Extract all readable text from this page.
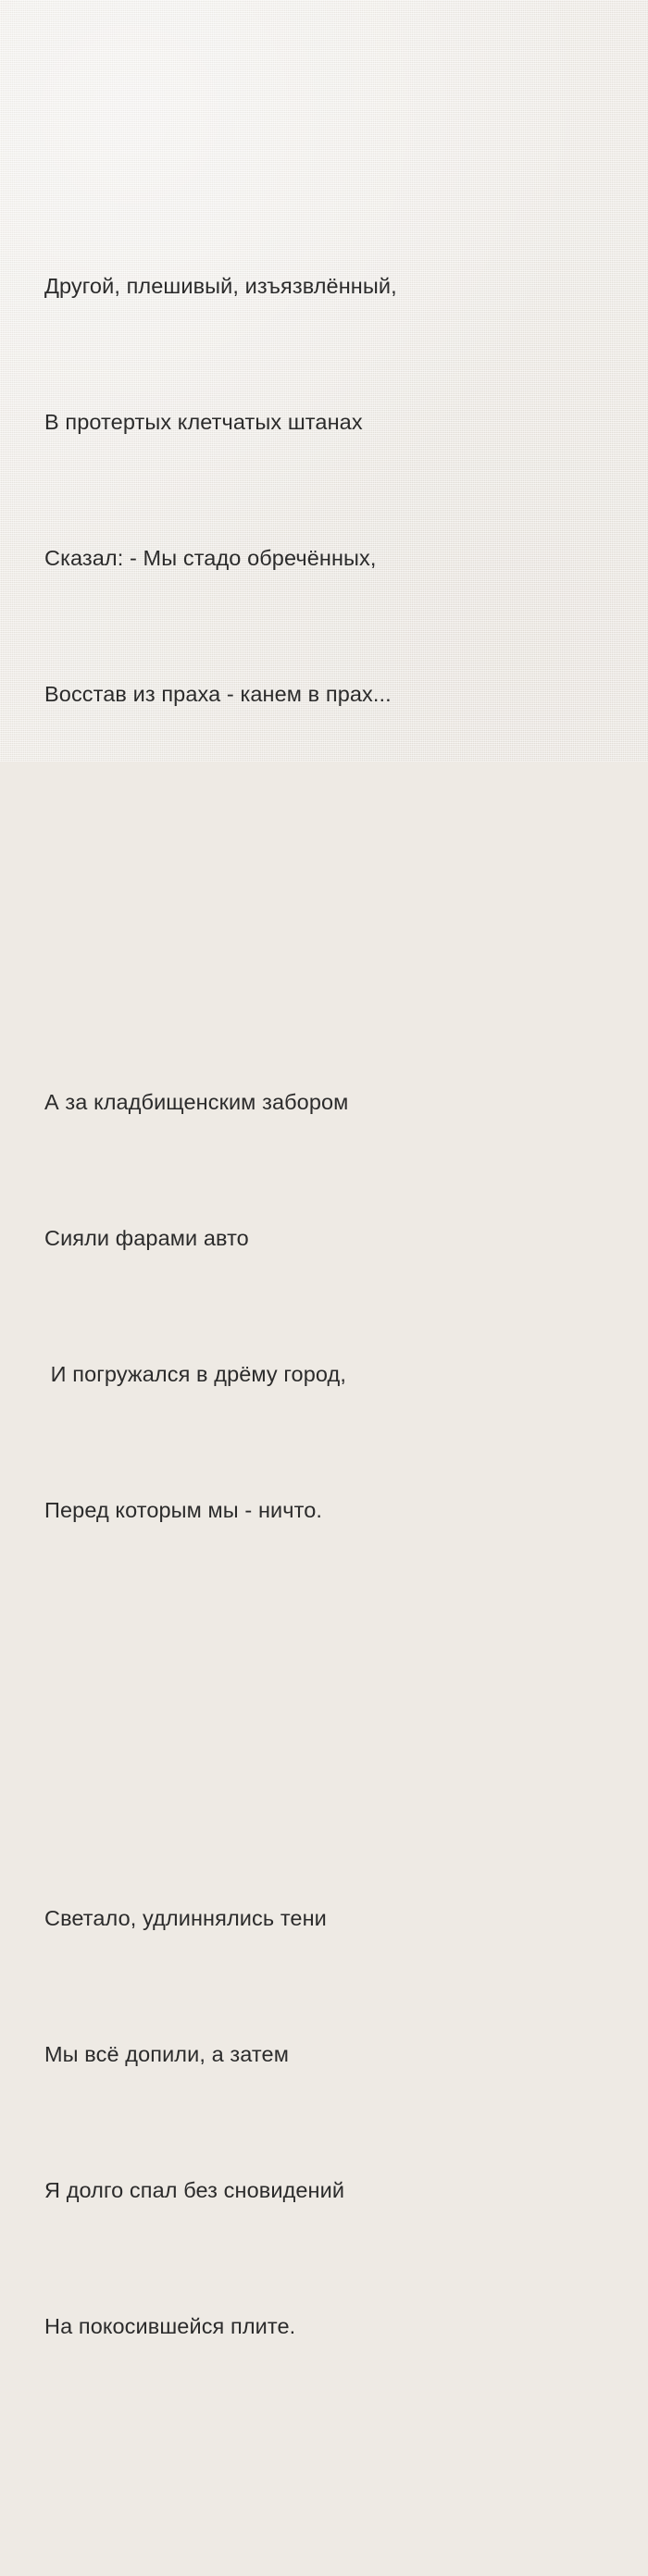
Другой, плешивый, изъязвлённый,

В протертых клетчатых штанах

Сказал: - Мы стадо обречённых,

Восстав из праха - канем в прах...

А за кладбищенским забором

Сияли фарами авто

И погружался в дрёму город,

Перед которым мы - ничто.

Светало, удлиннялись тени

Мы всё допили, а затем

Я долго спал без сновидений

На покосившейся плите.
